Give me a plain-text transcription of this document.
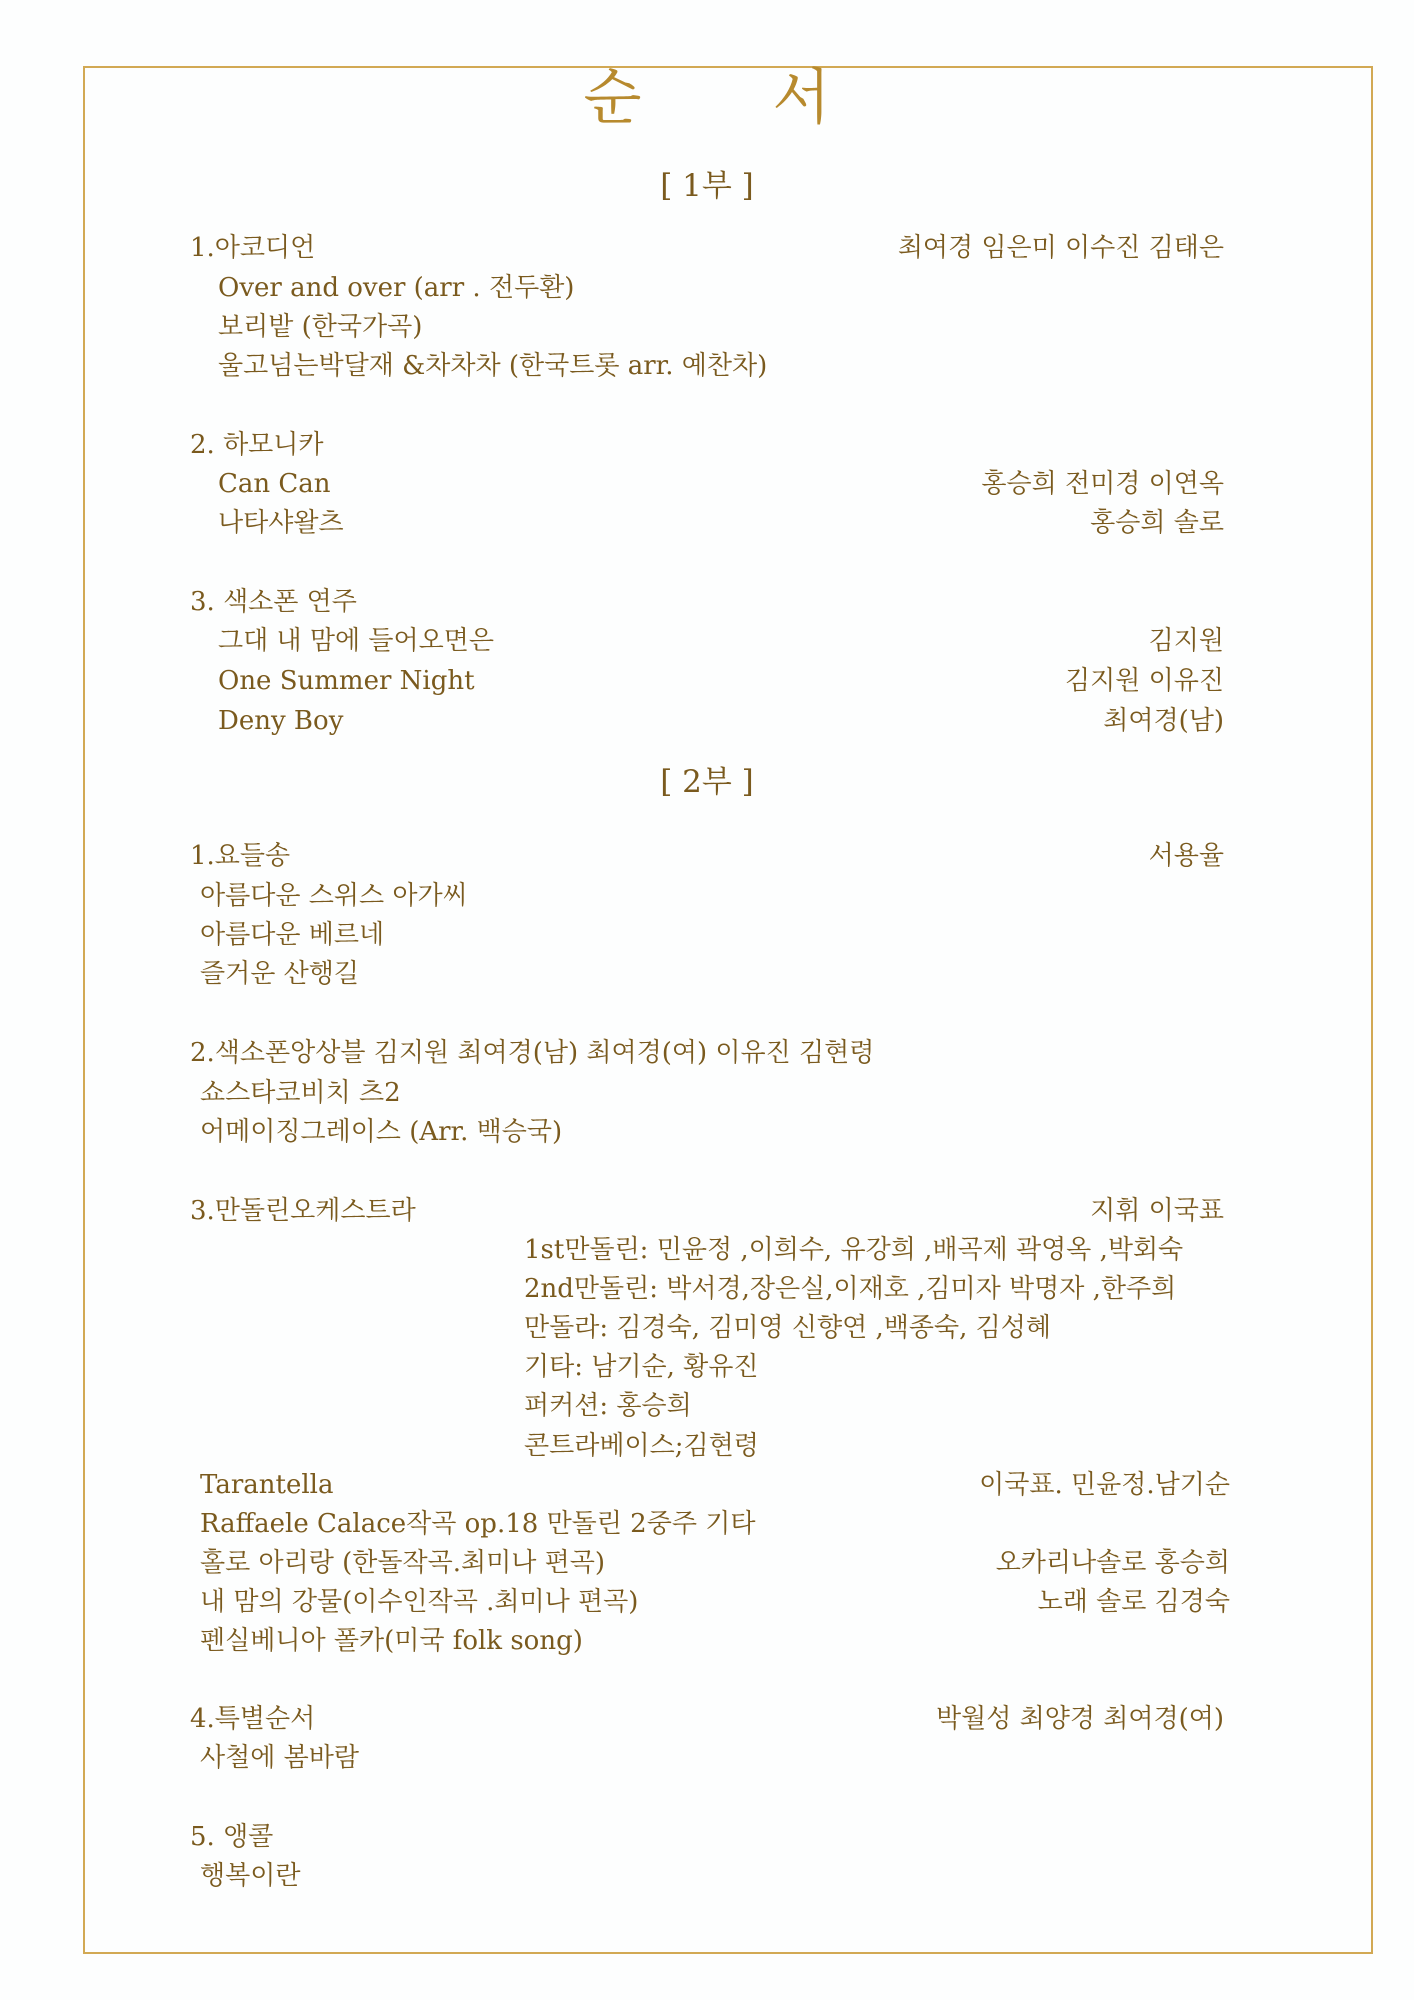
순 서
[ 1부 ]
1.아코디언	최여경 임은미 이수진 김태은
Over and over (arr . 전두환)
보리밭 (한국가곡)
울고넘는박달재 &차차차 (한국트롯 arr. 예찬차)
2. 하모니카
Can Can	홍승희 전미경 이연옥
나타샤왈츠	홍승희 솔로
3. 색소폰 연주
그대 내 맘에 들어오면은	김지원
One Summer Night	김지원 이유진
Deny Boy	최여경(남)
[ 2부 ]
1.요들송	서용율
아름다운 스위스 아가씨
아름다운 베르네
즐거운 산행길
2.색소폰앙상블 김지원 최여경(남) 최여경(여) 이유진 김현령
쇼스타코비치 츠2
어메이징그레이스 (Arr. 백승국)
3.만돌린오케스트라	지휘 이국표
1st만돌린: 민윤정 ,이희수, 유강희 ,배곡제 곽영옥 ,박회숙
2nd만돌린: 박서경,장은실,이재호 ,김미자 박명자 ,한주희
만돌라: 김경숙, 김미영 신향연 ,백종숙, 김성혜
기타: 남기순, 황유진
퍼커션: 홍승희
콘트라베이스;김현령
Tarantella	이국표. 민윤정.남기순
Raffaele Calace작곡 op.18 만돌린 2중주 기타
홀로 아리랑 (한돌작곡.최미나 편곡)	오카리나솔로 홍승희
내 맘의 강물(이수인작곡 .최미나 편곡)	노래 솔로 김경숙
펜실베니아 폴카(미국 folk song)
4.특별순서	박월성 최양경 최여경(여)
사철에 봄바람
5. 앵콜
행복이란
